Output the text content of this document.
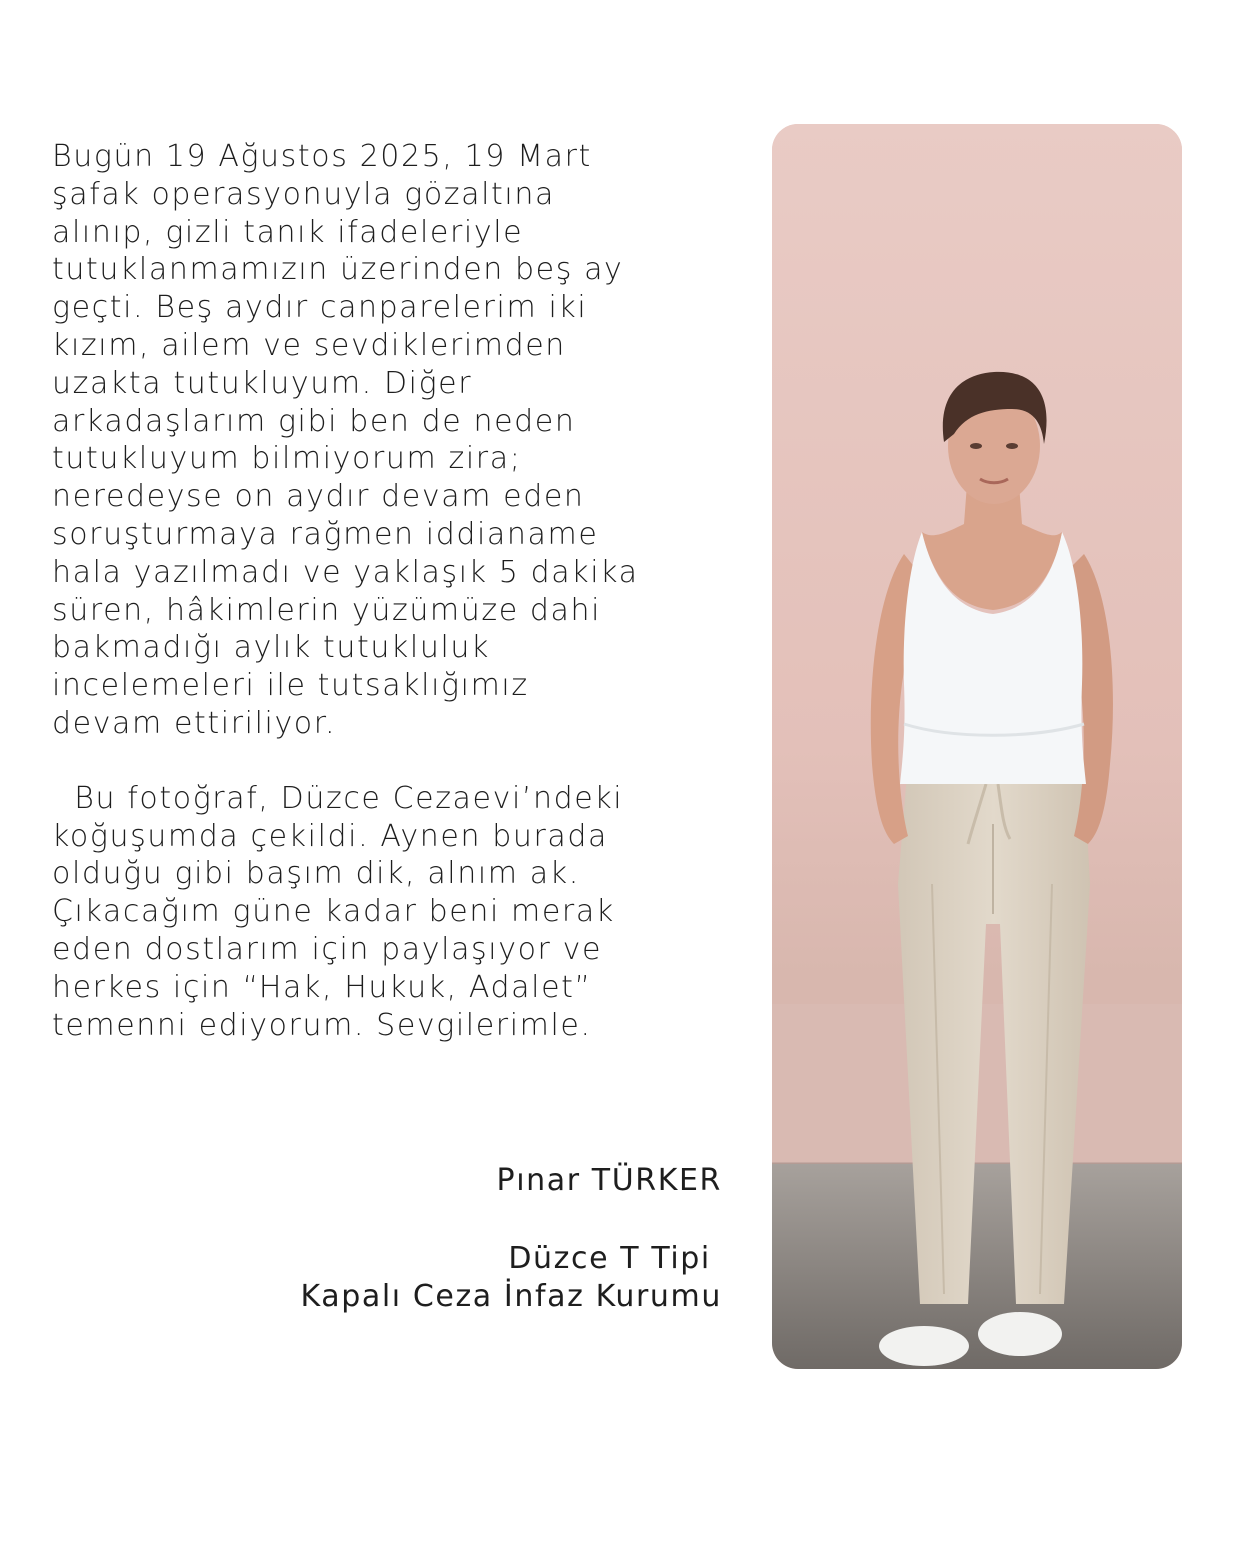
Bugün 19 Ağustos 2025, 19 Mart
şafak operasyonuyla gözaltına
alınıp, gizli tanık ifadeleriyle
tutuklanmamızın üzerinden beş ay
geçti. Beş aydır canparelerim iki
kızım, ailem ve sevdiklerimden
uzakta tutukluyum. Diğer
arkadaşlarım gibi ben de neden
tutukluyum bilmiyorum zira;
neredeyse on aydır devam eden
soruşturmaya rağmen iddianame
hala yazılmadı ve yaklaşık 5 dakika
süren, hâkimlerin yüzümüze dahi
bakmadığı aylık tutukluluk
incelemeleri ile tutsaklığımız
devam ettiriliyor.
Bu fotoğraf, Düzce Cezaevi’ndeki
koğuşumda çekildi. Aynen burada
olduğu gibi başım dik, alnım ak.
Çıkacağım güne kadar beni merak
eden dostlarım için paylaşıyor ve
herkes için “Hak, Hukuk, Adalet”
temenni ediyorum. Sevgilerimle.
Pınar TÜRKER
Düzce T Tipi
Kapalı Ceza İnfaz Kurumu
